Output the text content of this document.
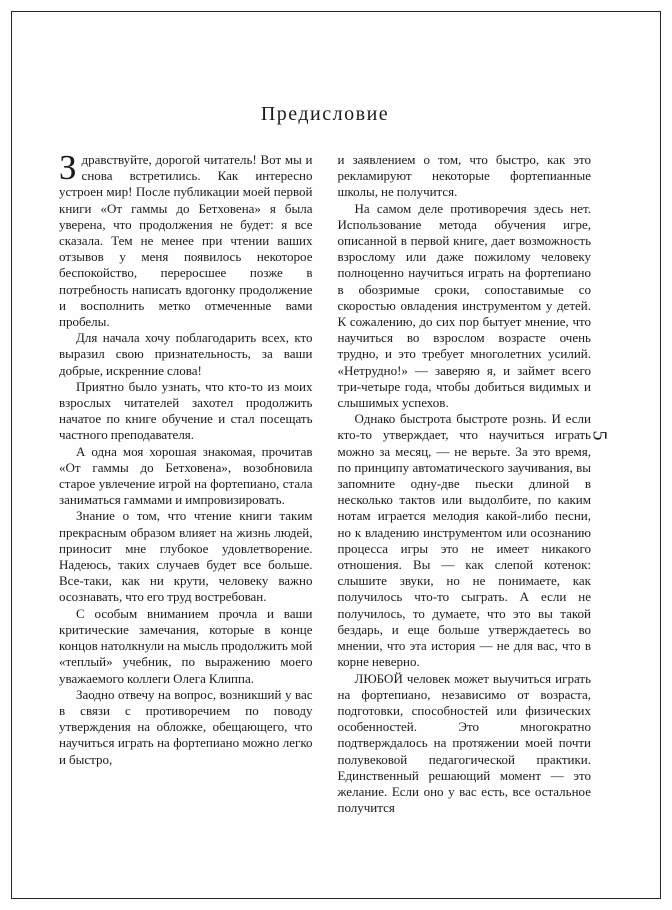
Предисловие

Здравствуйте, дорогой читатель! Вот мы и снова встретились. Как интересно устроен мир! После публикации моей первой книги «От гаммы до Бетховена» я была уверена, что продолжения не будет: я все сказала. Тем не менее при чтении ваших отзывов у меня появилось некоторое беспокойство, переросшее позже в потребность написать вдогонку продолжение и восполнить метко отмеченные вами пробелы.

Для начала хочу поблагодарить всех, кто выразил свою признательность, за ваши добрые, искренние слова!

Приятно было узнать, что кто-то из моих взрослых читателей захотел продолжить начатое по книге обучение и стал посещать частного преподавателя.

А одна моя хорошая знакомая, прочитав «От гаммы до Бетховена», возобновила старое увлечение игрой на фортепиано, стала заниматься гаммами и импровизировать.

Знание о том, что чтение книги таким прекрасным образом влияет на жизнь людей, приносит мне глубокое удовлетворение. Надеюсь, таких случаев будет все больше. Все-таки, как ни крути, человеку важно осознавать, что его труд востребован.

С особым вниманием прочла и ваши критические замечания, которые в конце концов натолкнули на мысль продолжить мой «теплый» учебник, по выражению моего уважаемого коллеги Олега Клиппа.

Заодно отвечу на вопрос, возникший у вас в связи с противоречием по поводу утверждения на обложке, обещающего, что научиться играть на фортепиано можно легко и быстро,

и заявлением о том, что быстро, как это рекламируют некоторые фортепианные школы, не получится.

На самом деле противоречия здесь нет. Использование метода обучения игре, описанной в первой книге, дает возможность взрослому или даже пожилому человеку полноценно научиться играть на фортепиано в обозримые сроки, сопоставимые со скоростью овладения инструментом у детей. К сожалению, до сих пор бытует мнение, что научиться во взрослом возрасте очень трудно, и это требует многолетних усилий. «Нетрудно!» — заверяю я, и займет всего три-четыре года, чтобы добиться видимых и слышимых успехов.

Однако быстрота быстроте рознь. И если кто-то утверждает, что научиться играть можно за месяц, — не верьте. За это время, по принципу автоматического заучивания, вы запомните одну-две пьески длиной в несколько тактов или выдолбите, по каким нотам играется мелодия какой-либо песни, но к владению инструментом или осознанию процесса игры это не имеет никакого отношения. Вы — как слепой котенок: слышите звуки, но не понимаете, как получилось что-то сыграть. А если не получилось, то думаете, что это вы такой бездарь, и еще больше утверждаетесь во мнении, что эта история — не для вас, что в корне неверно.

ЛЮБОЙ человек может выучиться играть на фортепиано, независимо от возраста, подготовки, способностей или физических особенностей. Это многократно подтверждалось на протяжении моей почти полувековой педагогической практики. Единственный решающий момент — это желание. Если оно у вас есть, все остальное получится

5
